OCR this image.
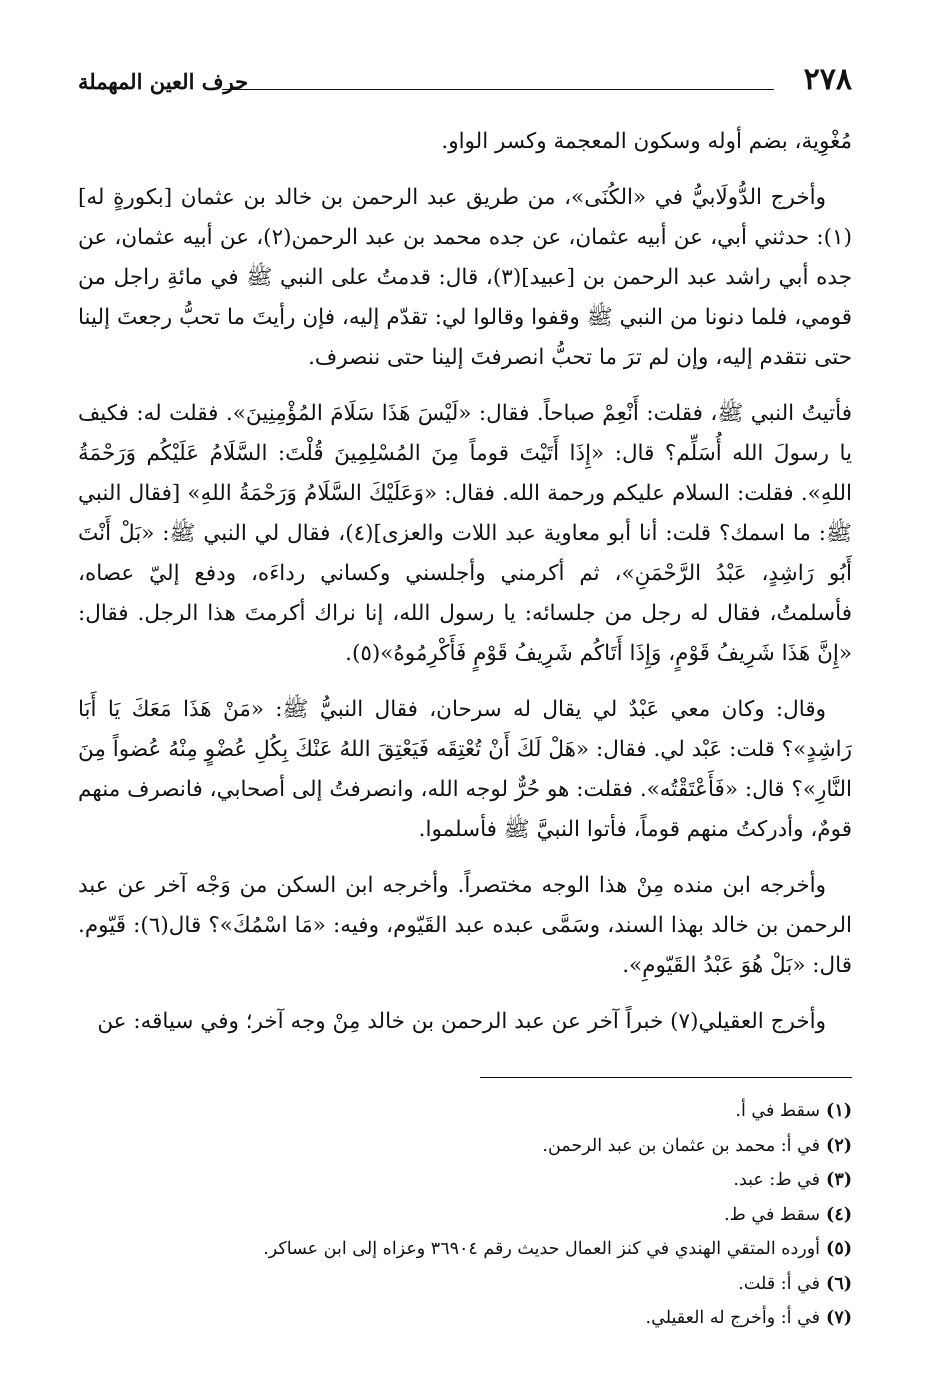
٢٧٨
حرف العين المهملة

مُغْوِية، بضم أوله وسكون المعجمة وكسر الواو.

وأخرج الدُّولَابيُّ في «الكُنَى»، من طريق عبد الرحمن بن خالد بن عثمان [بكورةٍ له](١): حدثني أبي، عن أبيه عثمان، عن جده محمد بن عبد الرحمن(٢)، عن أبيه عثمان، عن جده أبي راشد عبد الرحمن بن [عبيد](٣)، قال: قدمتُ على النبي ﷺ في مائةِ راجل من قومي، فلما دنونا من النبي ﷺ وقفوا وقالوا لي: تقدّم إليه، فإن رأيتَ ما تحبُّ رجعتَ إلينا حتى نتقدم إليه، وإن لم ترَ ما تحبُّ انصرفتَ إلينا حتى ننصرف.

فأتيتُ النبي ﷺ، فقلت: أَنْعِمْ صباحاً. فقال: «لَيْسَ هَذَا سَلَامَ المُؤْمِنِينَ». فقلت له: فكيف يا رسولَ الله أُسَلِّم؟ قال: «إِذَا أَتَيْتَ قوماً مِنَ المُسْلِمِينَ قُلْتَ: السَّلَامُ عَلَيْكُم وَرَحْمَةُ اللهِ». فقلت: السلام عليكم ورحمة الله. فقال: «وَعَلَيْكَ السَّلَامُ وَرَحْمَةُ اللهِ» [فقال النبي ﷺ: ما اسمك؟ قلت: أنا أبو معاوية عبد اللات والعزى](٤)، فقال لي النبي ﷺ: «بَلْ أَنْتَ أَبُو رَاشِدٍ، عَبْدُ الرَّحْمَنِ»، ثم أكرمني وأجلسني وكساني رداءَه، ودفع إليّ عصاه، فأسلمتُ، فقال له رجل من جلسائه: يا رسول الله، إنا نراك أكرمتَ هذا الرجل. فقال: «إِنَّ هَذَا شَرِيفُ قَوْمٍ، وَإِذَا أَتَاكُم شَرِيفُ قَوْمٍ فَأَكْرِمُوهُ»(٥).

وقال: وكان معي عَبْدٌ لي يقال له سرحان، فقال النبيُّ ﷺ: «مَنْ هَذَا مَعَكَ يَا أَبَا رَاشِدٍ»؟ قلت: عَبْد لي. فقال: «هَلْ لَكَ أَنْ تُعْتِقَه فَيَعْتِقَ اللهُ عَنْكَ بِكُلِ عُضْوٍ مِنْهُ عُضواً مِنَ النَّارِ»؟ قال: «فَأَعْتَقْتُه». فقلت: هو حُرٌّ لوجه الله، وانصرفتُ إلى أصحابي، فانصرف منهم قومٌ، وأدركتُ منهم قوماً، فأتوا النبيَّ ﷺ فأسلموا.

وأخرجه ابن منده مِنْ هذا الوجه مختصراً. وأخرجه ابن السكن من وَجْه آخر عن عبد الرحمن بن خالد بهذا السند، وسَمَّى عبده عبد القَيّوم، وفيه: «مَا اسْمُكَ»؟ قال(٦): قَيّوم. قال: «بَلْ هُوَ عَبْدُ القَيّومِ».

وأخرج العقيلي(٧) خبراً آخر عن عبد الرحمن بن خالد مِنْ وجه آخر؛ وفي سياقه: عن

(١)سقط في أ.

(٢)في أ: محمد بن عثمان بن عبد الرحمن.

(٣)في ط: عبد.

(٤)سقط في ط.

(٥)أورده المتقي الهندي في كنز العمال حديث رقم ٣٦٩٠٤ وعزاه إلى ابن عساكر.

(٦)في أ: قلت.

(٧)في أ: وأخرج له العقيلي.
